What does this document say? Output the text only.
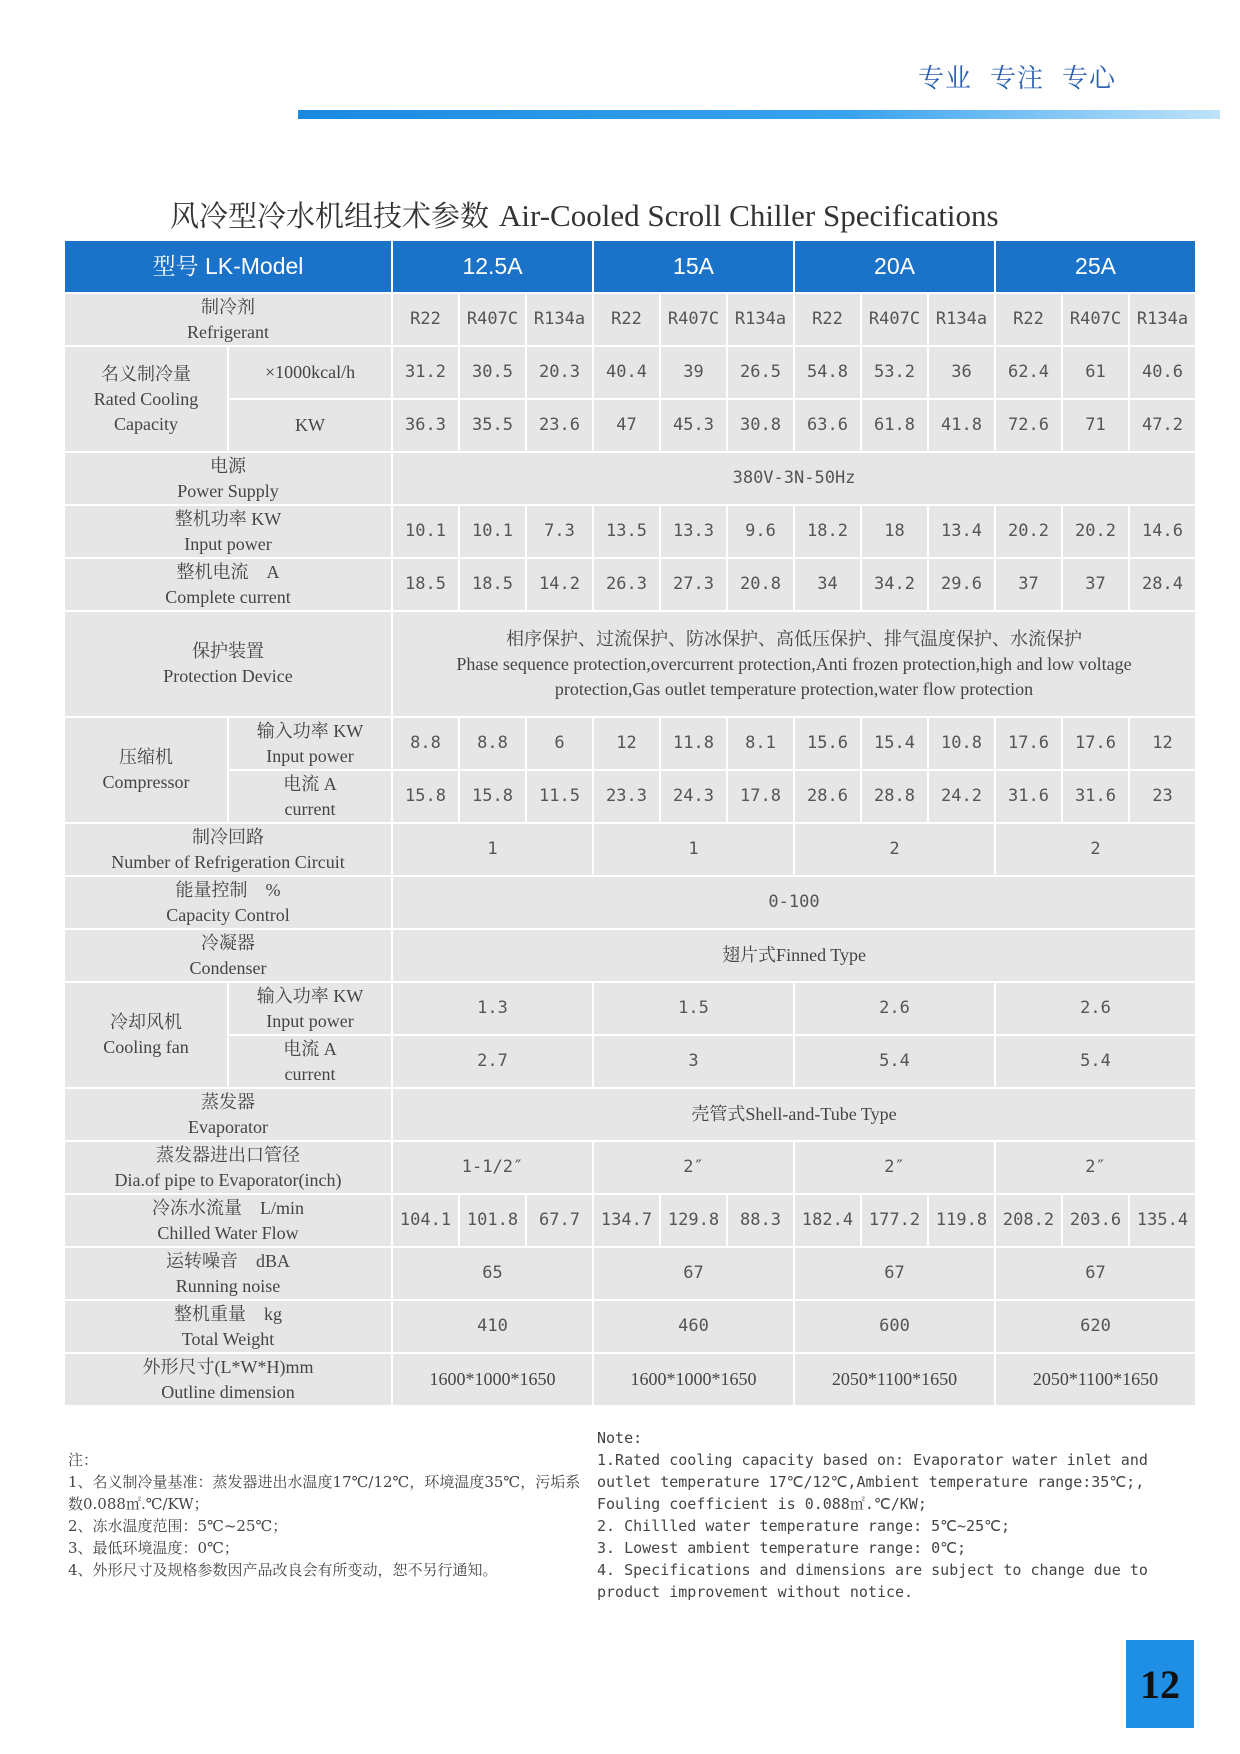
专业 专注 专心
风冷型冷水机组技术参数 Air-Cooled Scroll Chiller Specifications
型号 LK-Model		12.5A			15A			20A			25A		

制冷剂
Refrigerant		R22	R407C	R134a	R22	R407C	R134a	R22	R407C	R134a	R22	R407C	R134a

名义制冷量
Rated Cooling
Capacity	×1000kcal/h	31.2	30.5	20.3	40.4	39	26.5	54.8	53.2	36	62.4	61	40.6
	KW	36.3	35.5	23.6	47	45.3	30.8	63.6	61.8	41.8	72.6	71	47.2

电源
Power Supply		380V-3N-50Hz											

整机功率 KW
Input power		10.1	10.1	7.3	13.5	13.3	9.6	18.2	18	13.4	20.2	20.2	14.6

整机电流　A
Complete current		18.5	18.5	14.2	26.3	27.3	20.8	34	34.2	29.6	37	37	28.4

保护装置
Protection Device		相序保护、过流保护、防冰保护、高低压保护、排气温度保护、水流保护
Phase sequence protection,overcurrent protection,Anti frozen protection,high and low voltage protection,Gas outlet temperature protection,water flow protection											

压缩机
Compressor	输入功率 KW
Input power	8.8	8.8	6	12	11.8	8.1	15.6	15.4	10.8	17.6	17.6	12

	电流 A
current	15.8	15.8	11.5	23.3	24.3	17.8	28.6	28.8	24.2	31.6	31.6	23

制冷回路
Number of Refrigeration Circuit		1			1			2			2		

能量控制　%
Capacity Control		0-100											

冷凝器
Condenser		翅片式Finned Type											

冷却风机
Cooling fan	输入功率 KW
Input power	1.3			1.5			2.6			2.6		

	电流 A
current	2.7			3			5.4			5.4		

蒸发器
Evaporator		壳管式Shell-and-Tube Type											

蒸发器进出口管径
Dia.of pipe to Evaporator(inch)		1-1/2″			2″			2″			2″		

冷冻水流量　L/min
Chilled Water Flow		104.1	101.8	67.7	134.7	129.8	88.3	182.4	177.2	119.8	208.2	203.6	135.4

运转噪音　dBA
Running noise		65			67			67			67		

整机重量　kg
Total Weight		410			460			600			620		

外形尺寸(L*W*H)mm
Outline dimension		1600*1000*1650			1600*1000*1650			2050*1100*1650			2050*1100*1650		
注：
1、名义制冷量基准：蒸发器进出水温度17℃/12℃，环境温度35℃，污垢系数0.088㎡.℃/KW；
2、冻水温度范围：5℃~25℃；
3、最低环境温度：0℃；
4、外形尺寸及规格参数因产品改良会有所变动，恕不另行通知。
Note:
1.Rated cooling capacity based on: Evaporator water inlet and outlet temperature 17℃/12℃,Ambient temperature range:35℃;, Fouling coefficient is 0.088㎡.℃/KW;
2. Chillled water temperature range: 5℃~25℃;
3. Lowest ambient temperature range: 0℃;
4. Specifications and dimensions are subject to change due to product improvement without notice.
12
